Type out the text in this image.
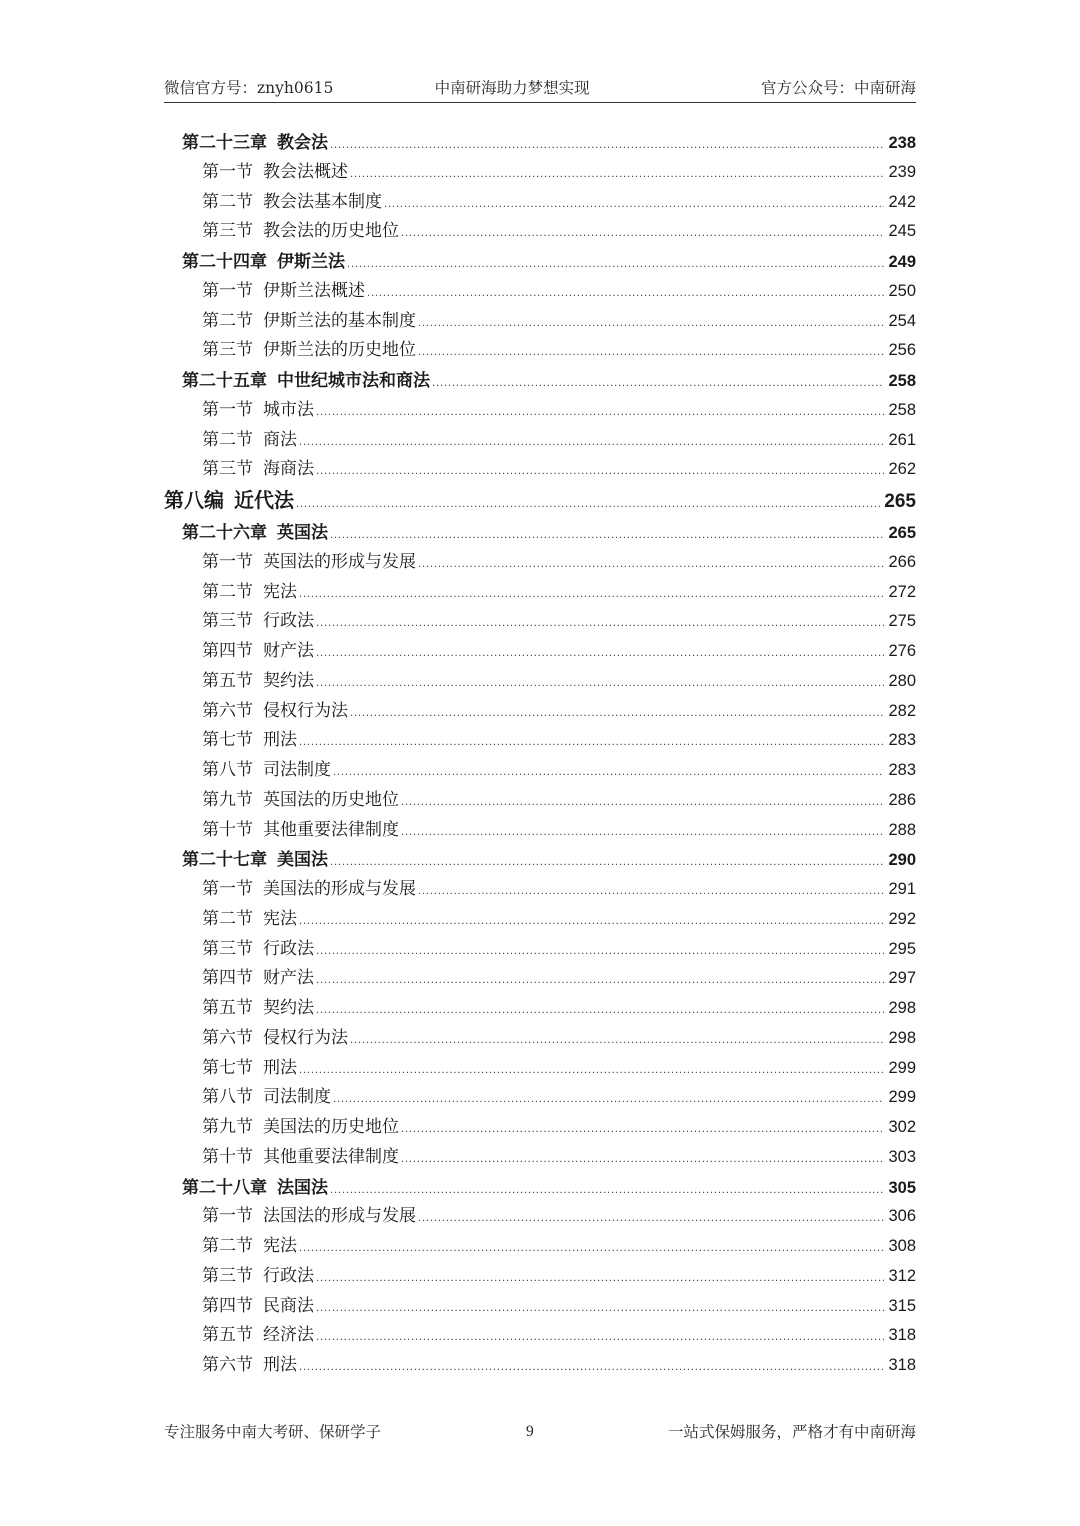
微信官方号：znyh0615	中南研海助力梦想实现	官方公众号：中南研海
第二十三章 教会法 . . .	238
第一节 教会法概述 . . .	239
第二节 教会法基本制度 . . .	242
第三节 教会法的历史地位 . . .	245
第二十四章 伊斯兰法 . . .	249
第一节 伊斯兰法概述 . . .	250
第二节 伊斯兰法的基本制度 . . .	254
第三节 伊斯兰法的历史地位 . . .	256
第二十五章 中世纪城市法和商法 . . .	258
第一节 城市法 . . .	258
第二节 商法 . . .	261
第三节 海商法 . . .	262
第八编 近代法 . . .	265
第二十六章 英国法 . . .	265
第一节 英国法的形成与发展 . . .	266
第二节 宪法 . . .	272
第三节 行政法 . . .	275
第四节 财产法 . . .	276
第五节 契约法 . . .	280
第六节 侵权行为法 . . .	282
第七节 刑法 . . .	283
第八节 司法制度 . . .	283
第九节 英国法的历史地位 . . .	286
第十节 其他重要法律制度 . . .	288
第二十七章 美国法 . . .	290
第一节 美国法的形成与发展 . . .	291
第二节 宪法 . . .	292
第三节 行政法 . . .	295
第四节 财产法 . . .	297
第五节 契约法 . . .	298
第六节 侵权行为法 . . .	298
第七节 刑法 . . .	299
第八节 司法制度 . . .	299
第九节 美国法的历史地位 . . .	302
第十节 其他重要法律制度 . . .	303
第二十八章 法国法 . . .	305
第一节 法国法的形成与发展 . . .	306
第二节 宪法 . . .	308
第三节 行政法 . . .	312
第四节 民商法 . . .	315
第五节 经济法 . . .	318
第六节 刑法 . . .	318
专注服务中南大考研、保研学子	9	一站式保姆服务，严格才有中南研海
